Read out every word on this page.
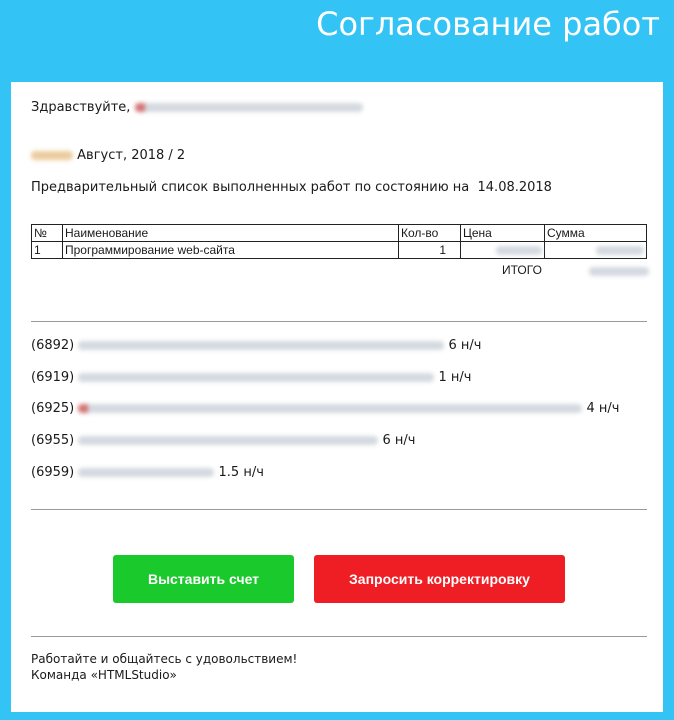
Согласование работ
Здравствуйте,
Август, 2018 / 2
Предварительный список выполненных работ по состоянию на 14.08.2018
№	Наименование	Кол-во	Цена	Сумма
1	Программирование web-сайта	1		
ИТОГО
(6892)	6 н/ч
(6919)	1 н/ч
(6925)	4 н/ч
(6955)	6 н/ч
(6959)	1.5 н/ч
Выставить счет	Запросить корректировку
Работайте и общайтесь с удовольствием!
Команда «HTMLStudio»
